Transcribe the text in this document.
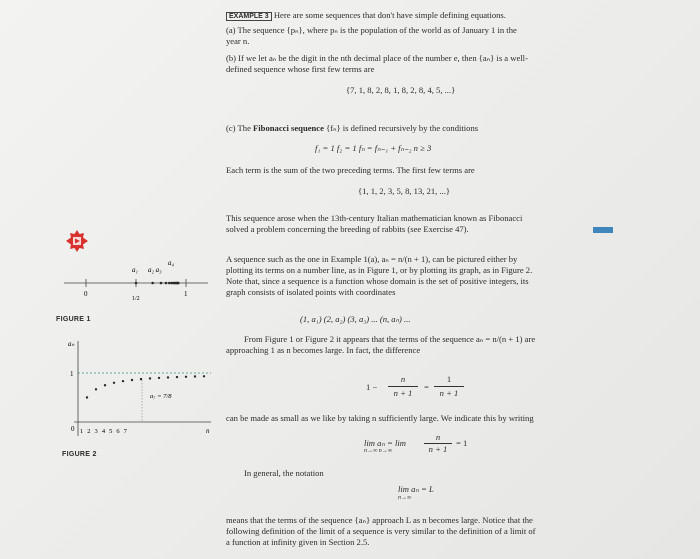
EXAMPLE 3 Here are some sequences that don't have simple defining equations.
(a) The sequence {pₙ}, where pₙ is the population of the world as of January 1 in the
year n.
(b) If we let aₙ be the digit in the nth decimal place of the number e, then {aₙ} is a well-
defined sequence whose first few terms are
{7, 1, 8, 2, 8, 1, 8, 2, 8, 4, 5, ...}
(c) The Fibonacci sequence {fₙ} is defined recursively by the conditions
f₁ = 1 f₂ = 1 fₙ = fₙ₋₁ + fₙ₋₂ n ≥ 3
Each term is the sum of the two preceding terms. The first few terms are
{1, 1, 2, 3, 5, 8, 13, 21, ...}
This sequence arose when the 13th-century Italian mathematician known as Fibonacci
solved a problem concerning the breeding of rabbits (see Exercise 47).
A sequence such as the one in Example 1(a), aₙ = n/(n + 1), can be pictured either by
plotting its terms on a number line, as in Figure 1, or by plotting its graph, as in Figure 2.
Note that, since a sequence is a function whose domain is the set of positive integers, its
graph consists of isolated points with coordinates
(1, a₁) (2, a₂) (3, a₃) ... (n, aₙ) ...
From Figure 1 or Figure 2 it appears that the terms of the sequence aₙ = n/(n + 1) are
approaching 1 as n becomes large. In fact, the difference
1 −
n
n + 1
=
1
n + 1
can be made as small as we like by taking n sufficiently large. We indicate this by writing
lim aₙ = lim
n→∞ n→∞
n
n + 1
= 1
In general, the notation
lim aₙ = L
n→∞
means that the terms of the sequence {aₙ} approach L as n becomes large. Notice that the
following definition of the limit of a sequence is very similar to the definition of a limit of
a function at infinity given in Section 2.5.
0
1/2
1
a₁ a₂ a₃
a₄
FIGURE 1
aₙ
1
0 1 2 3 4 5 6 7	n
a₇ = 7/8
FIGURE 2
